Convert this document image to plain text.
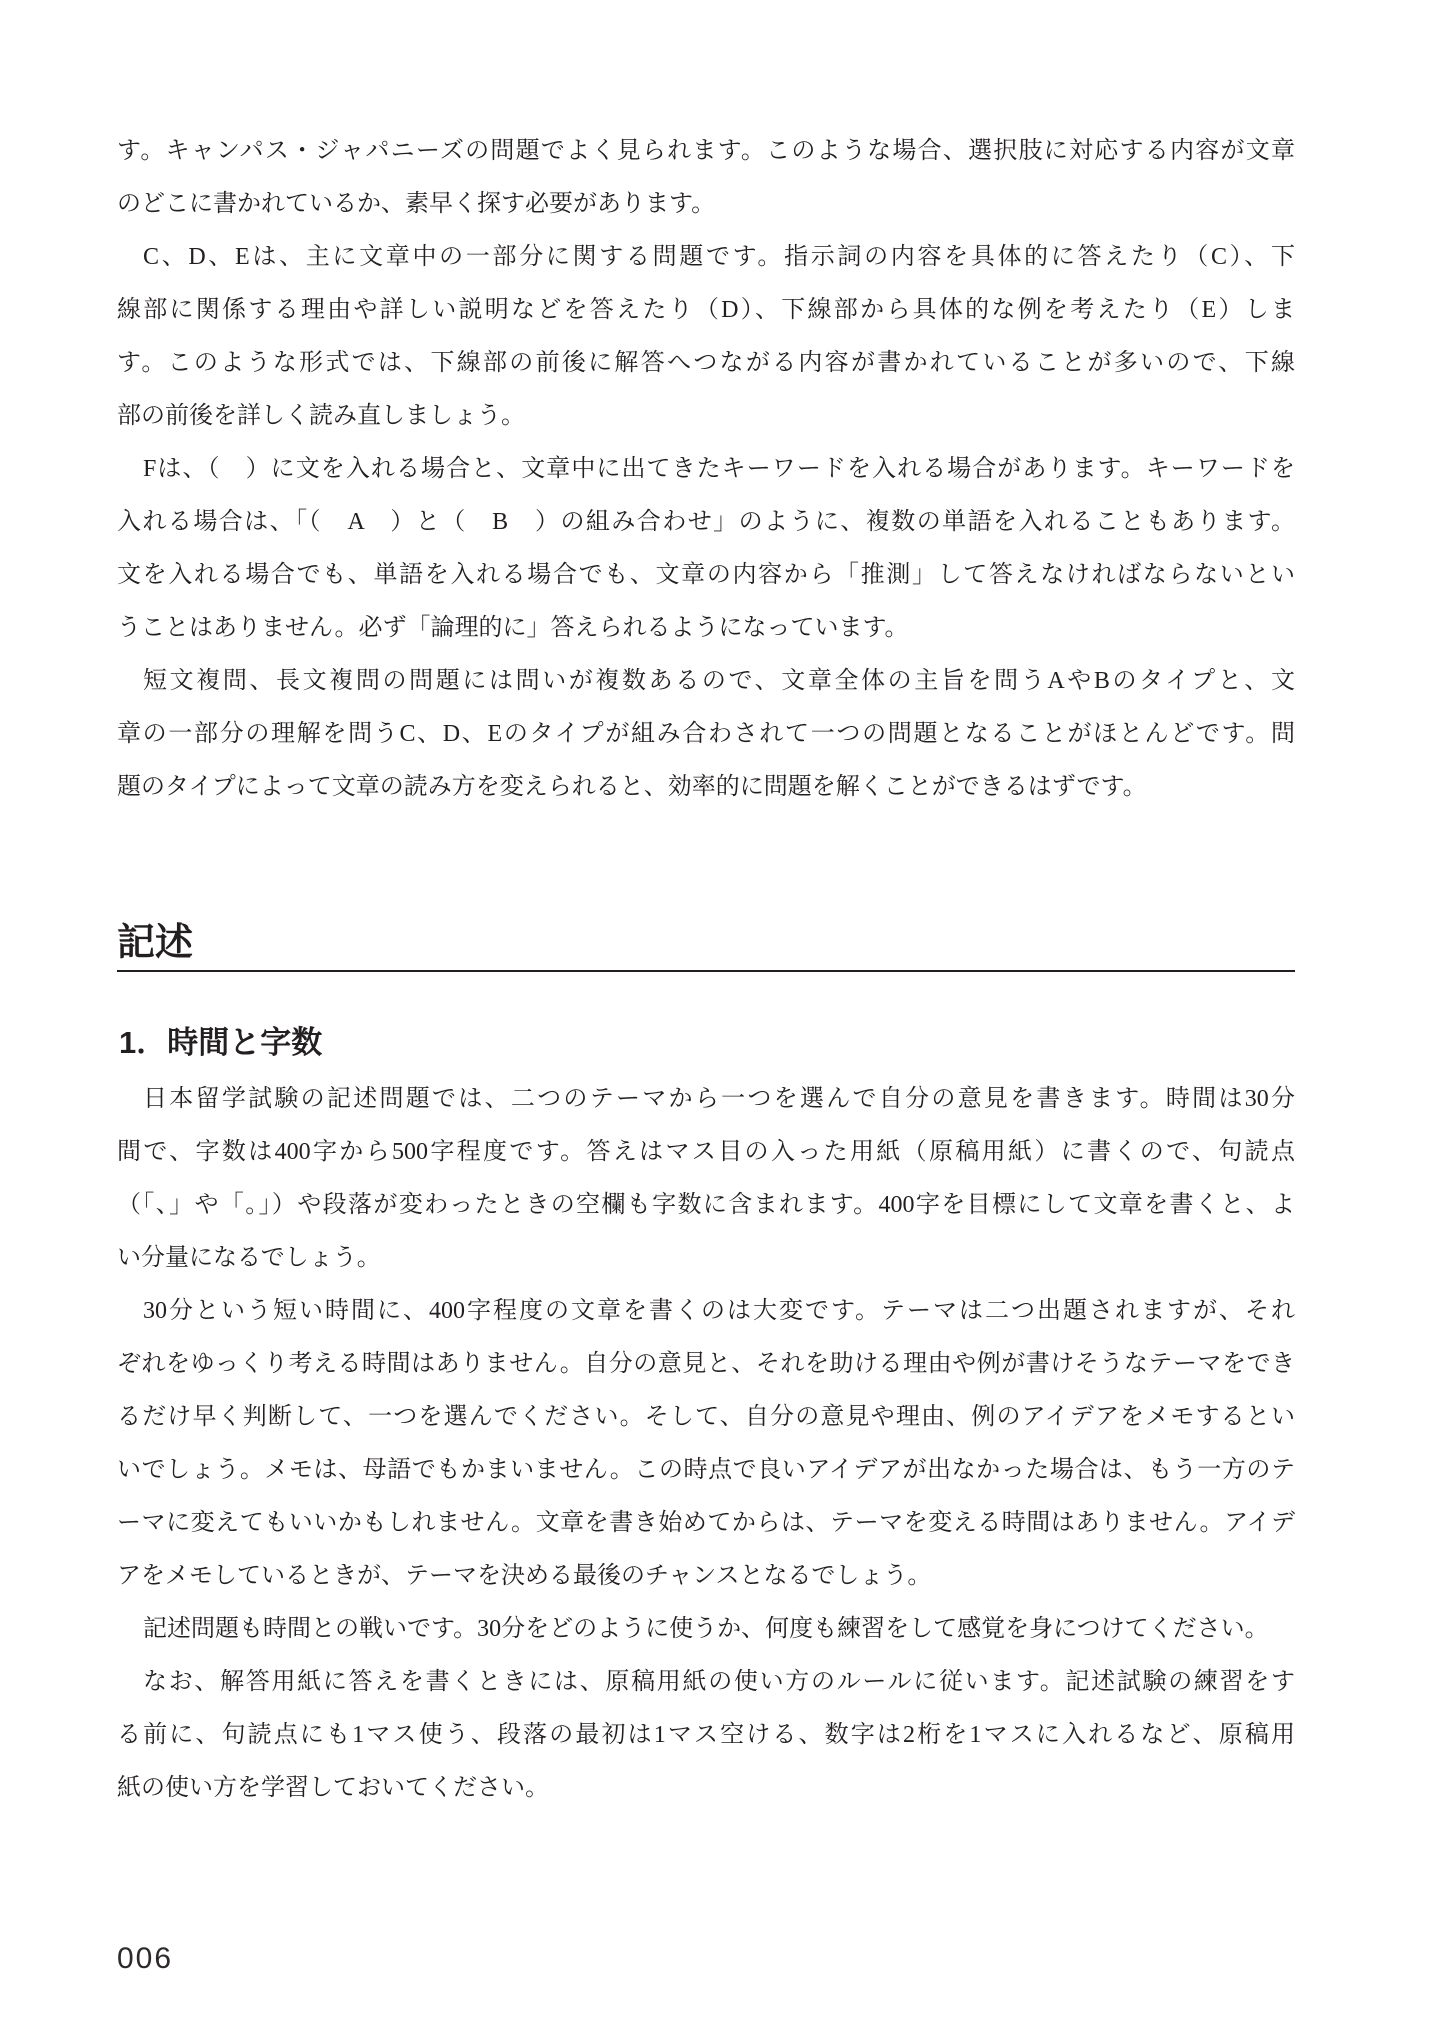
す。キャンパス・ジャパニーズの問題でよく見られます。このような場合、選択肢に対応する内容が文章
のどこに書かれているか、素早く探す必要があります。
C、D、Eは、主に文章中の一部分に関する問題です。指示詞の内容を具体的に答えたり（C）、下
線部に関係する理由や詳しい説明などを答えたり（D）、下線部から具体的な例を考えたり（E）しま
す。このような形式では、下線部の前後に解答へつながる内容が書かれていることが多いので、下線
部の前後を詳しく読み直しましょう。
Fは、（　）に文を入れる場合と、文章中に出てきたキーワードを入れる場合があります。キーワードを
入れる場合は、「（　A　）と（　B　）の組み合わせ」のように、複数の単語を入れることもあります。
文を入れる場合でも、単語を入れる場合でも、文章の内容から「推測」して答えなければならないとい
うことはありません。必ず「論理的に」答えられるようになっています。
短文複問、長文複問の問題には問いが複数あるので、文章全体の主旨を問うAやBのタイプと、文
章の一部分の理解を問うC、D、Eのタイプが組み合わされて一つの問題となることがほとんどです。問
題のタイプによって文章の読み方を変えられると、効率的に問題を解くことができるはずです。
記述
1．時間と字数
日本留学試験の記述問題では、二つのテーマから一つを選んで自分の意見を書きます。時間は30分
間で、字数は400字から500字程度です。答えはマス目の入った用紙（原稿用紙）に書くので、句読点
（「、」や「。」）や段落が変わったときの空欄も字数に含まれます。400字を目標にして文章を書くと、よ
い分量になるでしょう。
30分という短い時間に、400字程度の文章を書くのは大変です。テーマは二つ出題されますが、それ
ぞれをゆっくり考える時間はありません。自分の意見と、それを助ける理由や例が書けそうなテーマをでき
るだけ早く判断して、一つを選んでください。そして、自分の意見や理由、例のアイデアをメモするとい
いでしょう。メモは、母語でもかまいません。この時点で良いアイデアが出なかった場合は、もう一方のテ
ーマに変えてもいいかもしれません。文章を書き始めてからは、テーマを変える時間はありません。アイデ
アをメモしているときが、テーマを決める最後のチャンスとなるでしょう。
記述問題も時間との戦いです。30分をどのように使うか、何度も練習をして感覚を身につけてください。
なお、解答用紙に答えを書くときには、原稿用紙の使い方のルールに従います。記述試験の練習をす
る前に、句読点にも1マス使う、段落の最初は1マス空ける、数字は2桁を1マスに入れるなど、原稿用
紙の使い方を学習しておいてください。
006
